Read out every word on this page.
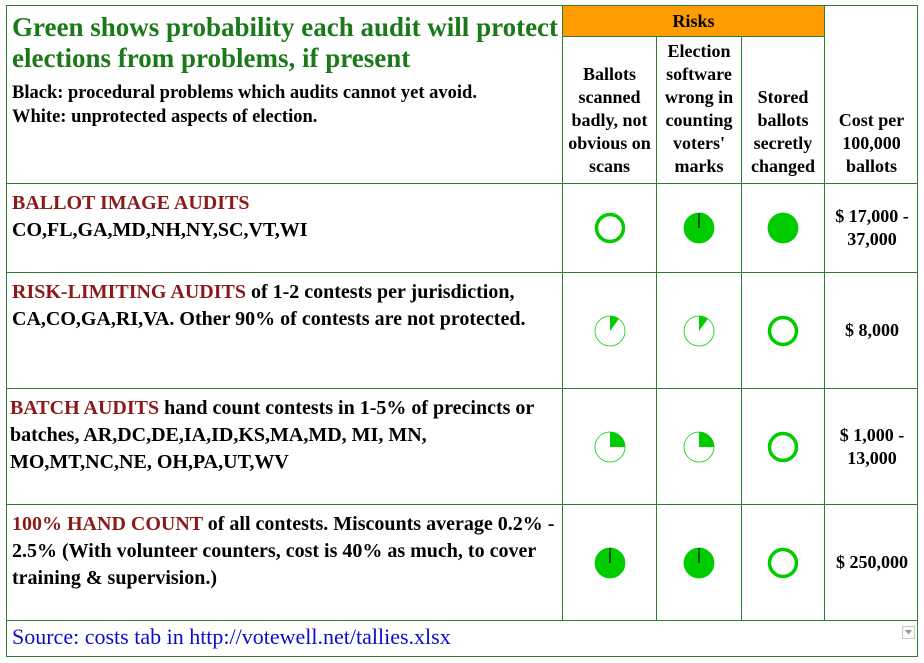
Green shows probability each audit will protect elections from problems, if present
Black: procedural problems which audits cannot yet avoid.
White: unprotected aspects of election.
Risks
Ballots scanned badly, not obvious on scans
Election software wrong in counting voters' marks
Stored ballots secretly changed
Cost per 100,000 ballots
BALLOT IMAGE AUDITS
CO,FL,GA,MD,NH,NY,SC,VT,WI
$ 17,000 - 37,000
RISK-LIMITING AUDITS of 1-2 contests per jurisdiction, CA,CO,GA,RI,VA. Other 90% of contests are not protected.	$ 8,000
BATCH AUDITS hand count contests in 1-5% of precincts or batches, AR,DC,DE,IA,ID,KS,MA,MD, MI, MN, MO,MT,NC,NE, OH,PA,UT,WV
$ 1,000 - 13,000
100% HAND COUNT of all contests. Miscounts average 0.2% - 2.5% (With volunteer counters, cost is 40% as much, to cover training & supervision.)
$ 250,000
Source: costs tab in http://votewell.net/tallies.xlsx
